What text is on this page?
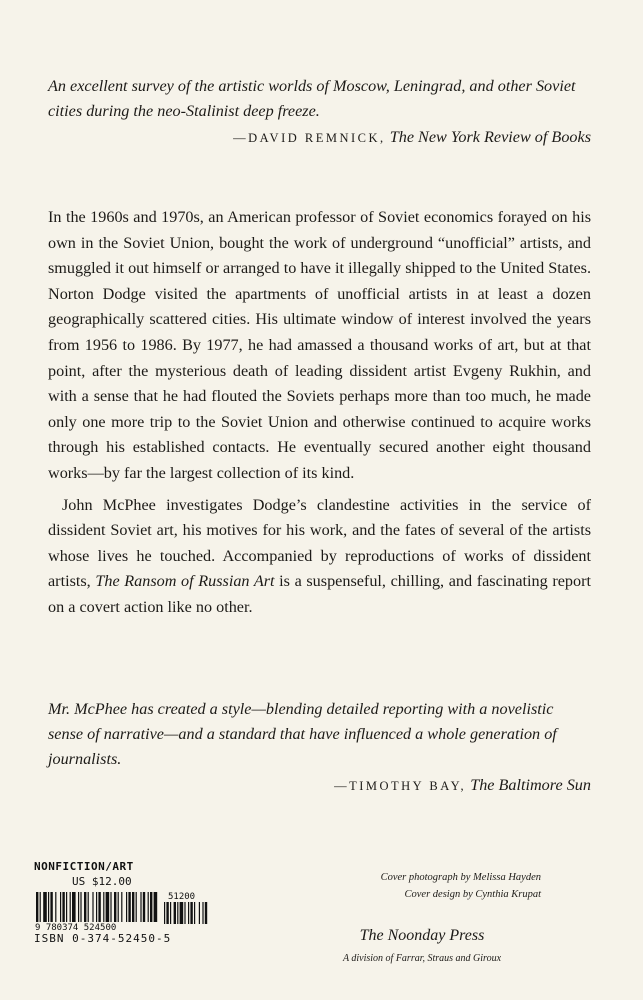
An excellent survey of the artistic worlds of Moscow, Leningrad, and other Soviet cities during the neo-Stalinist deep freeze.
—DAVID REMNICK, The New York Review of Books

In the 1960s and 1970s, an American professor of Soviet economics forayed on his own in the Soviet Union, bought the work of underground “unofficial” artists, and smuggled it out himself or arranged to have it illegally shipped to the United States. Norton Dodge visited the apartments of unofficial artists in at least a dozen geographically scattered cities. His ultimate window of interest involved the years from 1956 to 1986. By 1977, he had amassed a thousand works of art, but at that point, after the mysterious death of leading dissident artist Evgeny Rukhin, and with a sense that he had flouted the Soviets perhaps more than too much, he made only one more trip to the Soviet Union and otherwise continued to acquire works through his established contacts. He eventually secured another eight thousand works—by far the largest collection of its kind.

John McPhee investigates Dodge’s clandestine activities in the service of dissident Soviet art, his motives for his work, and the fates of several of the artists whose lives he touched. Accompanied by reproductions of works of dissident artists, The Ransom of Russian Art is a suspenseful, chilling, and fascinating report on a covert action like no other.

Mr. McPhee has created a style—blending detailed reporting with a novelistic sense of narrative—and a standard that have influenced a whole generation of journalists.
—TIMOTHY BAY, The Baltimore Sun
NONFICTION/ART
US $12.00
9 780374 524500
51200
ISBN 0-374-52450-5
Cover photograph by Melissa Hayden
Cover design by Cynthia Krupat
The Noonday Press
A division of Farrar, Straus and Giroux
